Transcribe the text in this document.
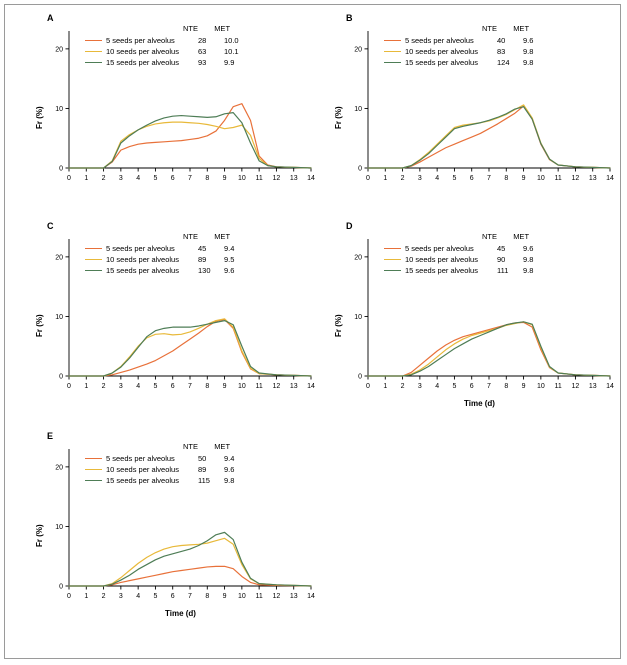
A
Fr (%)
NTE MET
5 seeds per alveolus	28	10.0
10 seeds per alveolus	63	10.1
15 seeds per alveolus	93	9.9
0 1 2 3 4 5 6 7 8 9 10 11 12 13 14
0
10
20
B
Fr (%)
NTE MET
5 seeds per alveolus	40	9.6
10 seeds per alveolus	83	9.8
15 seeds per alveolus	124	9.8
0 1 2 3 4 5 6 7 8 9 10 11 12 13 14
0
10
20
C
Fr (%)
NTE MET
5 seeds per alveolus	45	9.4
10 seeds per alveolus	89	9.5
15 seeds per alveolus	130	9.6
0 1 2 3 4 5 6 7 8 9 10 11 12 13 14
0
10
20
D
Fr (%)
Time (d)
NTE MET
5 seeds per alveolus	45	9.6
10 seeds per alveolus	90	9.8
15 seeds per alveolus	111	9.8
0 1 2 3 4 5 6 7 8 9 10 11 12 13 14
0
10
20
E
Fr (%)
Time (d)
NTE MET
5 seeds per alveolus	50	9.4
10 seeds per alveolus	89	9.6
15 seeds per alveolus	115	9.8
0 1 2 3 4 5 6 7 8 9 10 11 12 13 14
0
10
20
